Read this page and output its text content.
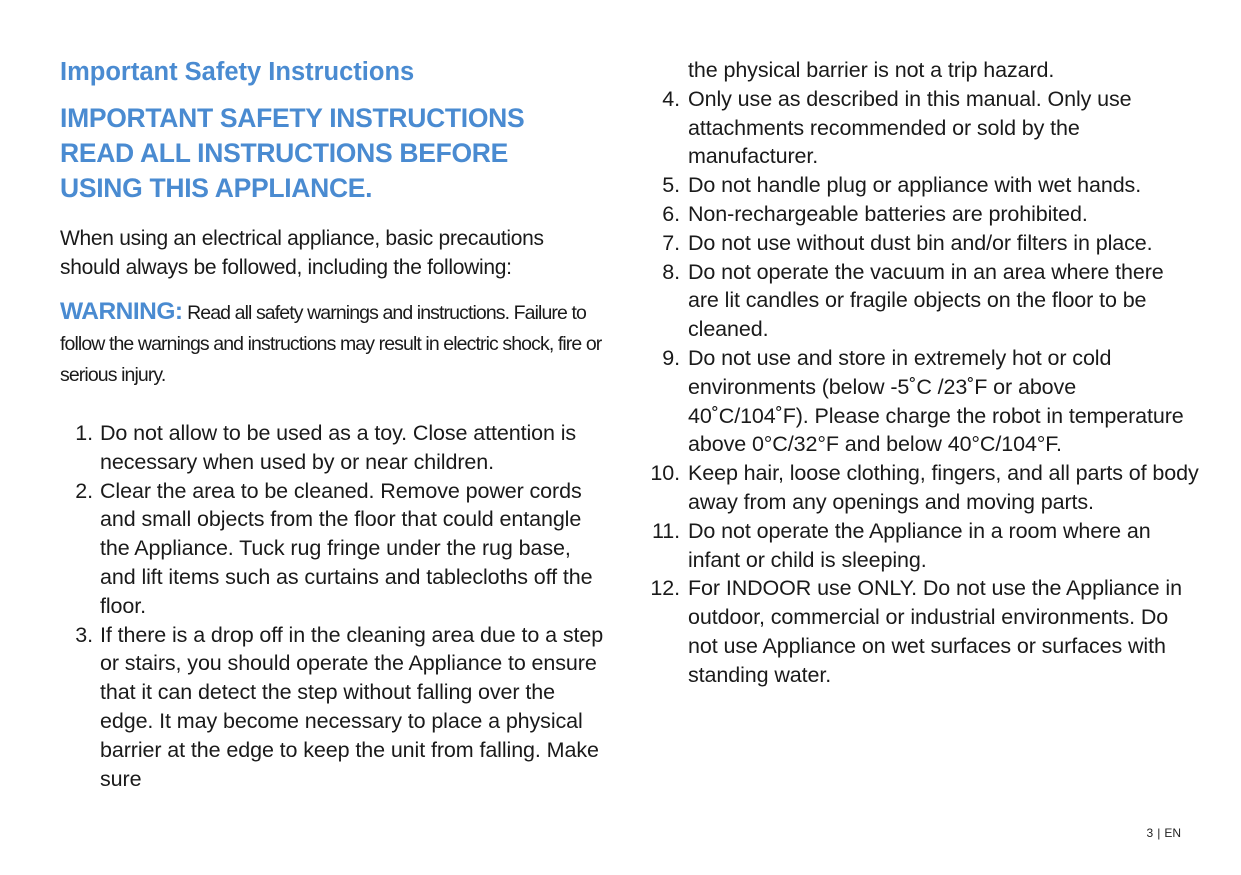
Important Safety Instructions
IMPORTANT SAFETY INSTRUCTIONS
READ ALL INSTRUCTIONS BEFORE
USING THIS APPLIANCE.

When using an electrical appliance, basic precautions should always be followed, including the following:

WARNING: Read all safety warnings and instructions. Failure to follow the warnings and instructions may result in electric shock, fire or serious injury.

1. Do not allow to be used as a toy. Close attention is necessary when used by or near children.
2. Clear the area to be cleaned. Remove power cords and small objects from the floor that could entangle the Appliance. Tuck rug fringe under the rug base, and lift items such as curtains and tablecloths off the floor.
3. If there is a drop off in the cleaning area due to a step or stairs, you should operate the Appliance to ensure that it can detect the step without falling over the edge. It may become necessary to place a physical barrier at the edge to keep the unit from falling. Make sure

the physical barrier is not a trip hazard.

4. Only use as described in this manual. Only use attachments recommended or sold by the manufacturer.
5. Do not handle plug or appliance with wet hands.
6. Non-rechargeable batteries are prohibited.
7. Do not use without dust bin and/or filters in place.
8. Do not operate the vacuum in an area where there are lit candles or fragile objects on the floor to be cleaned.
9. Do not use and store in extremely hot or cold environments (below -5˚C /23˚F or above 40˚C/104˚F). Please charge the robot in temperature above 0°C/32°F and below 40°C/104°F.
10. Keep hair, loose clothing, fingers, and all parts of body away from any openings and moving parts.
11. Do not operate the Appliance in a room where an infant or child is sleeping.
12. For INDOOR use ONLY. Do not use the Appliance in outdoor, commercial or industrial environments. Do not use Appliance on wet surfaces or surfaces with standing water.
3 | EN
